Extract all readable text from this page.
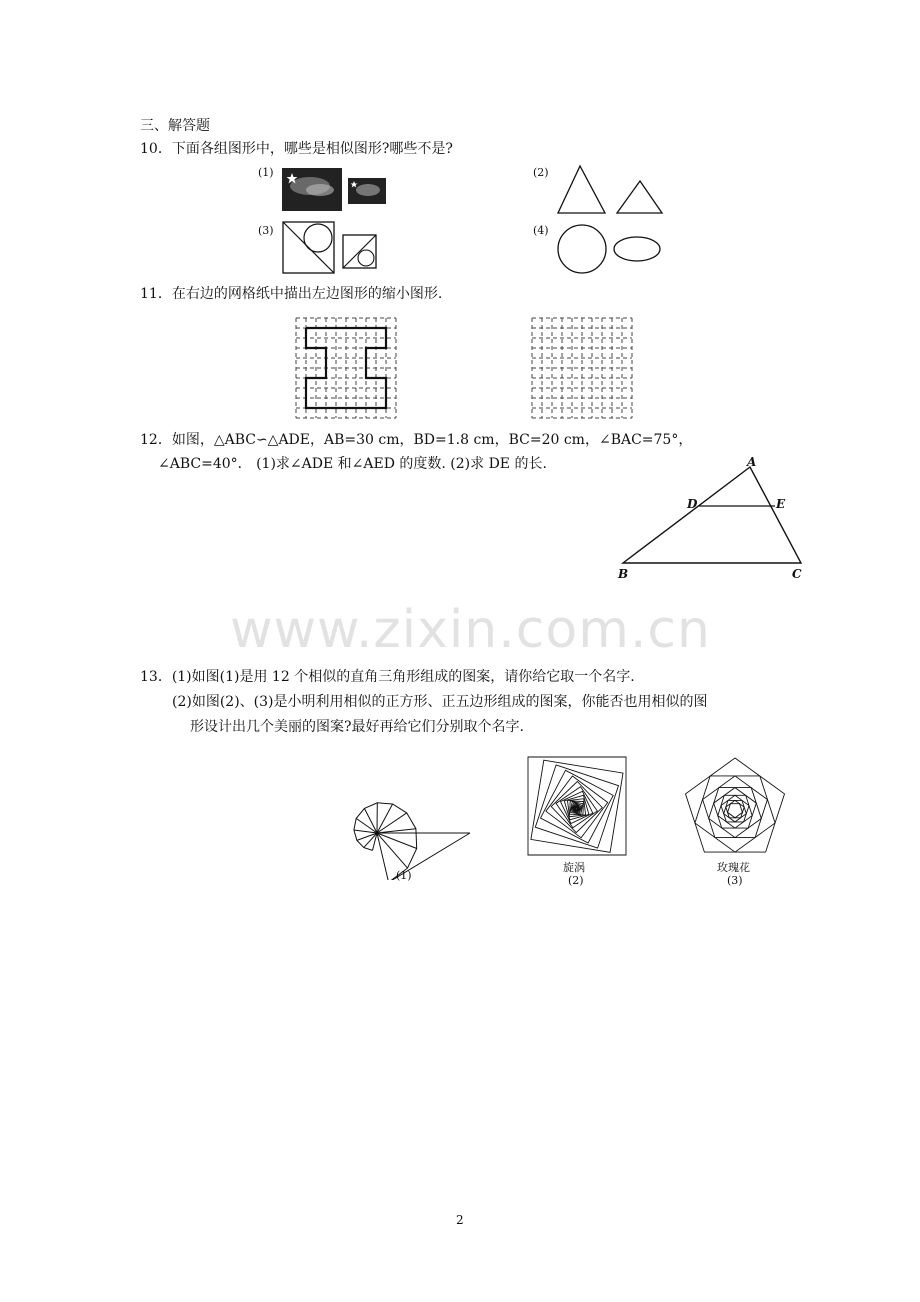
三、解答题
10．下面各组图形中，哪些是相似图形?哪些不是?
(1)	(2)
(3)	(4)
11．在右边的网格纸中描出左边图形的缩小图形.
12．如图，△ABC∽△ADE，AB=30 cm，BD=1.8 cm，BC=20 cm，∠BAC=75°，
∠ABC=40°． (1)求∠ADE 和∠AED 的度数. (2)求 DE 的长.	A
D	E
B	C
www.zixin.com.cn
13．(1)如图(1)是用 12 个相似的直角三角形组成的图案，请你给它取一个名字.
(2)如图(2)、(3)是小明利用相似的正方形、正五边形组成的图案，你能否也用相似的图
形设计出几个美丽的图案?最好再给它们分别取个名字.
(1)
旋涡
(2)
玫瑰花
(3)
2
